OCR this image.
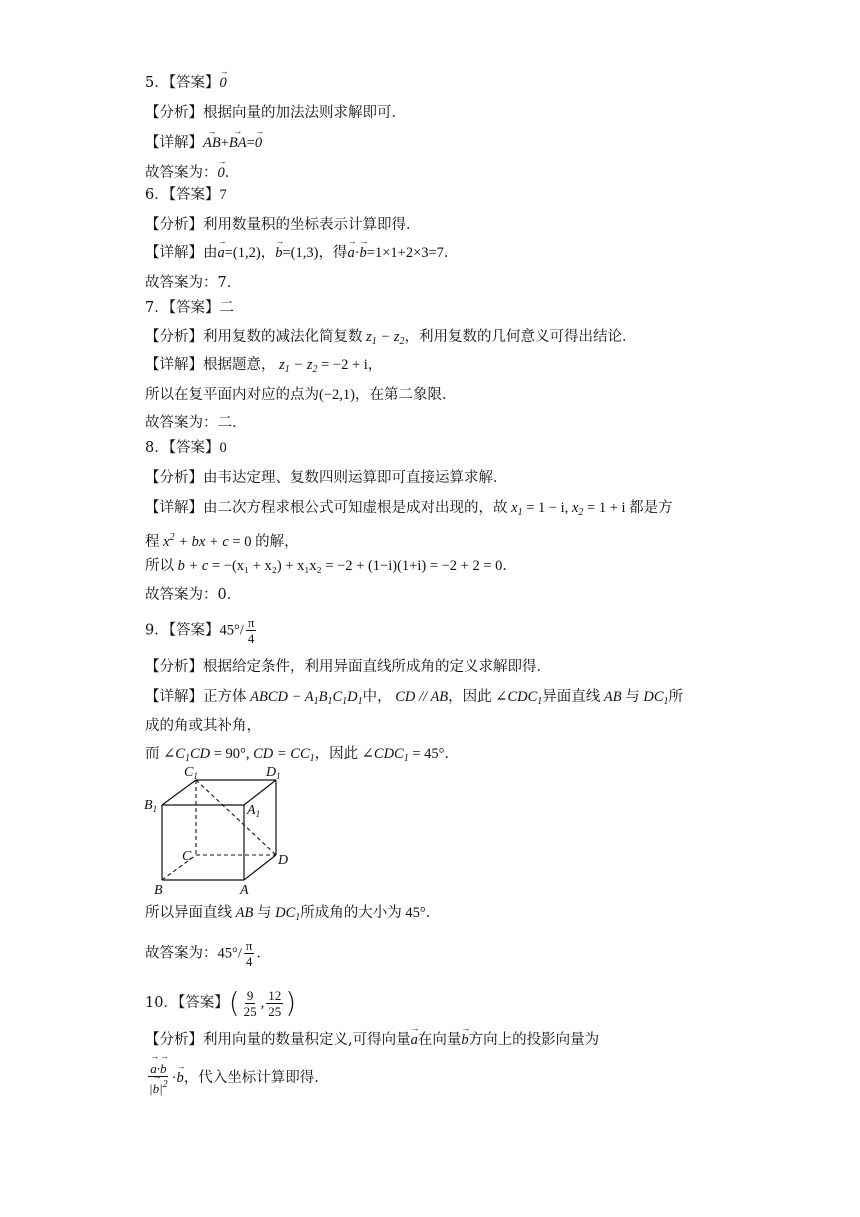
5．【答案】→ 0
【分析】根据向量的加法法则求解即可．
【详解】→ AB+→ BA=→ 0
故答案为：→ 0．
6．【答案】7
【分析】利用数量积的坐标表示计算即得．
【详解】由→ a=(1,2)，→ b=(1,3)，得→ a·→ b=1×1+2×3=7．
故答案为：7．
7．【答案】二
【分析】利用复数的减法化简复数 $z_1 - z_2$，利用复数的几何意义可得出结论．
【详解】根据题意， $z_1 - z_2 = -2 + i$，
所以在复平面内对应的点为(−2,1)，在第二象限．
故答案为：二．
8．【答案】0
【分析】由韦达定理、复数四则运算即可直接运算求解．
【详解】由二次方程求根公式可知虚根是成对出现的，故 $x_1 = 1 - i$, $x_2 = 1 + i$ 都是方
程 $x^2$ + bx + c = 0 的解，
所以 b + c = −(x₁ + x₂) + x₁x₂ = −2 + (1−i)(1+i) = −2 + 2 = 0．
故答案为：0．
9．【答案】$45^\circ/ \frac{\pi}{4}$
【分析】根据给定条件，利用异面直线所成角的定义求解即得．
【详解】正方体 ABCD − $A_1B_1C_1D_1$中， CD // AB，因此 $\angle CDC_1$异面直线 AB 与 $DC_1$所
成的角或其补角，
而 $\angle C_1CD = 90^\circ$, CD = $CC_1$，因此 $\angle CDC_1 = 45^\circ$．
$C_1$	$D_1$
$B_1$	$A_1$
C	D
B	A
所以异面直线 AB 与 $DC_1$所成角的大小为 45°．
故答案为：$45^\circ/ \frac{\pi}{4}$ ．
10．【答案】( $\frac{9}{25}$ , $\frac{12}{25}$ )
【分析】利用向量的数量积定义,可得向量→ a在向量→ b方向上的投影向量为
→ $\frac{a\cdot\to b}{|\to b|^2} \cdot\to b$，代入坐标计算即得．
